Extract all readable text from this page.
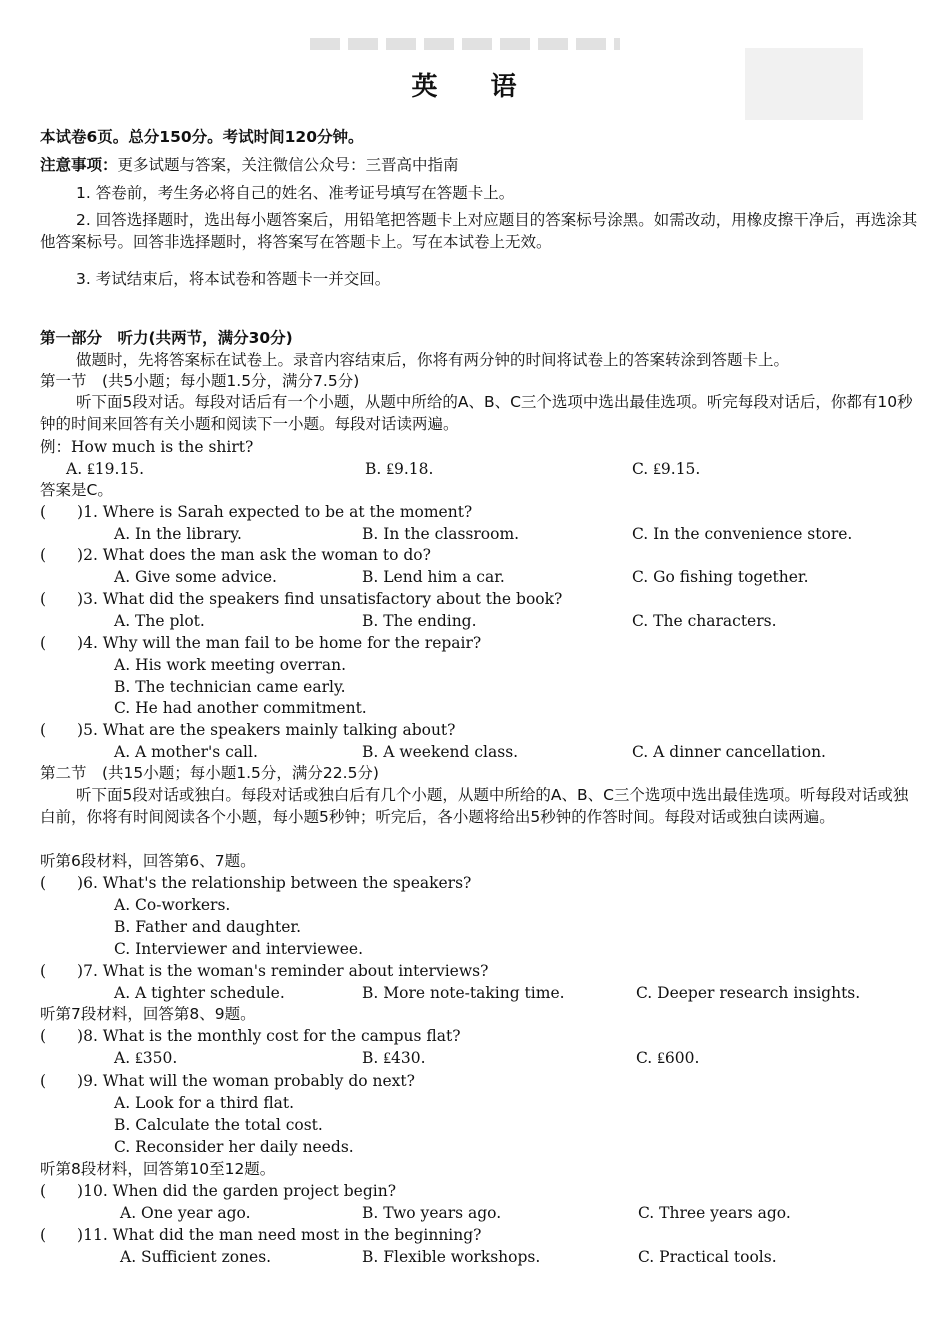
英 语
本试卷6页。总分150分。考试时间120分钟。
注意事项：更多试题与答案，关注微信公众号：三晋高中指南
1. 答卷前，考生务必将自己的姓名、准考证号填写在答题卡上。
2. 回答选择题时，选出每小题答案后，用铅笔把答题卡上对应题目的答案标号涂黑。如需改动，用橡皮擦干净后，再选涂其他答案标号。回答非选择题时，将答案写在答题卡上。写在本试卷上无效。
3. 考试结束后，将本试卷和答题卡一并交回。
第一部分　听力(共两节，满分30分)
做题时，先将答案标在试卷上。录音内容结束后，你将有两分钟的时间将试卷上的答案转涂到答题卡上。
第一节　(共5小题；每小题1.5分，满分7.5分)
听下面5段对话。每段对话后有一个小题，从题中所给的A、B、C三个选项中选出最佳选项。听完每段对话后，你都有10秒钟的时间来回答有关小题和阅读下一小题。每段对话读两遍。
例：How much is the shirt?
A. ₤19.15.	B. ₤9.18.	C. ₤9.15.
答案是C。
(　　)1. Where is Sarah expected to be at the moment?
A. In the library.	B. In the classroom.	C. In the convenience store.
(　　)2. What does the man ask the woman to do?
A. Give some advice.	B. Lend him a car.	C. Go fishing together.
(　　)3. What did the speakers find unsatisfactory about the book?
A. The plot.	B. The ending.	C. The characters.
(　　)4. Why will the man fail to be home for the repair?
A. His work meeting overran.
B. The technician came early.
C. He had another commitment.
(　　)5. What are the speakers mainly talking about?
A. A mother's call.	B. A weekend class.	C. A dinner cancellation.
第二节　(共15小题；每小题1.5分，满分22.5分)
听下面5段对话或独白。每段对话或独白后有几个小题，从题中所给的A、B、C三个选项中选出最佳选项。听每段对话或独白前，你将有时间阅读各个小题，每小题5秒钟；听完后，各小题将给出5秒钟的作答时间。每段对话或独白读两遍。
听第6段材料，回答第6、7题。
(　　)6. What's the relationship between the speakers?
A. Co-workers.
B. Father and daughter.
C. Interviewer and interviewee.
(　　)7. What is the woman's reminder about interviews?
A. A tighter schedule.	B. More note-taking time.	C. Deeper research insights.
听第7段材料，回答第8、9题。
(　　)8. What is the monthly cost for the campus flat?
A. ₤350.	B. ₤430.	C. ₤600.
(　　)9. What will the woman probably do next?
A. Look for a third flat.
B. Calculate the total cost.
C. Reconsider her daily needs.
听第8段材料，回答第10至12题。
(　　)10. When did the garden project begin?
A. One year ago.	B. Two years ago.	C. Three years ago.
(　　)11. What did the man need most in the beginning?
A. Sufficient zones.	B. Flexible workshops.	C. Practical tools.
